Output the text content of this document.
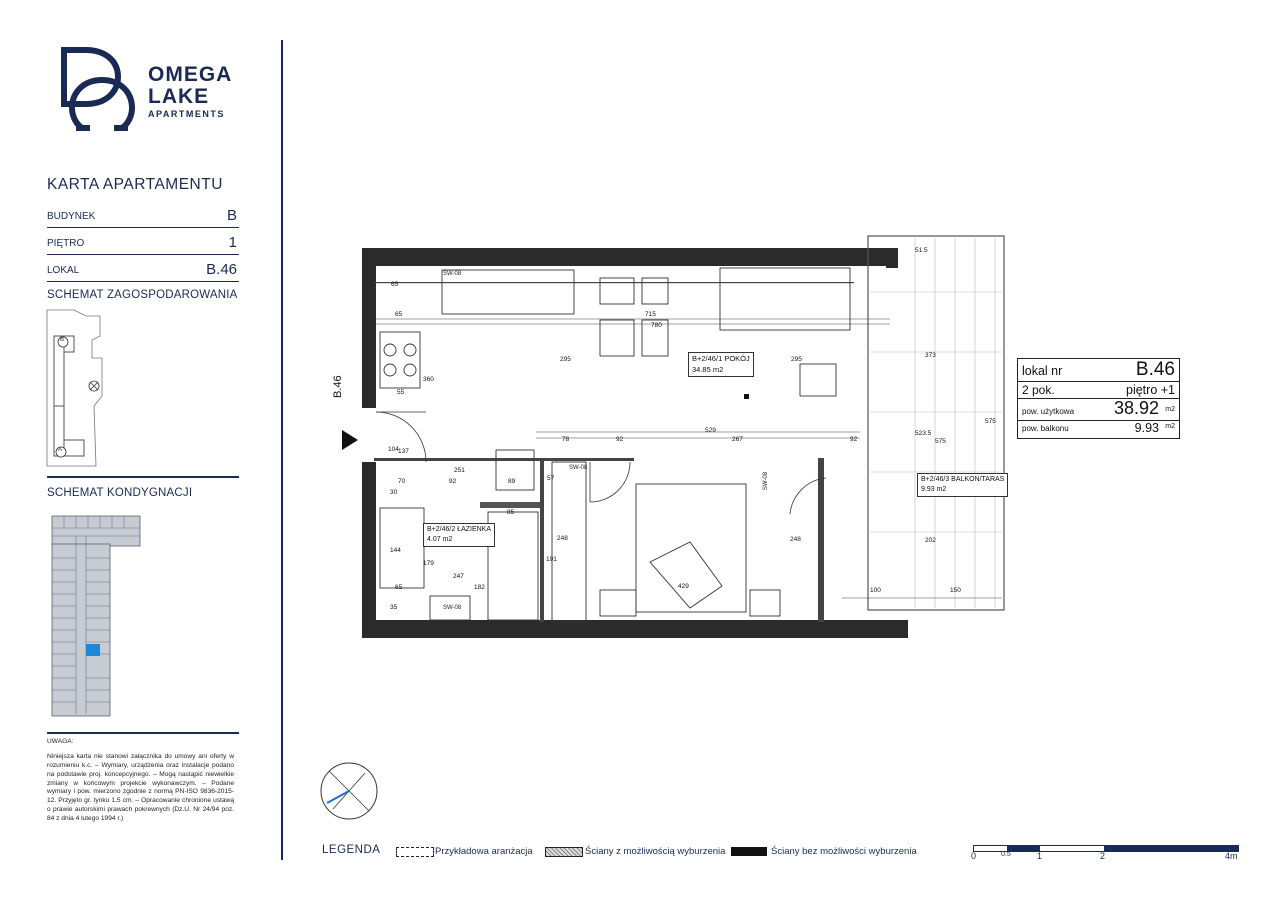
OMEGA
LAKE
APARTMENTS
KARTA APARTAMENTU
BUDYNEK	B
PIĘTRO	1
LOKAL	B.46
SCHEMAT ZAGOSPODAROWANIA
B
A
SCHEMAT KONDYGNACJI
UWAGA:
Niniejsza karta nie stanowi załącznika do umowy ani oferty w rozumieniu k.c. – Wymiary, urządzenia oraz instalacje podano na podstawie proj. koncepcyjnego. – Mogą nastąpić niewielkie zmiany w końcowym projekcie wykonawczym. – Podane wymiary i pow. mierzono zgodnie z normą PN-ISO 9836-2015-12. Przyjęto gr. tynku 1,5 cm. – Opracowanie chronione ustawą o prawie autorskimi prawach pokrewnych (Dz.U. Nr 24/94 poz. 84 z dnia 4 lutego 1994 r.)
B+2/46/1 POKÓJ
34.85 m2
B+2/46/2 ŁAZIENKA
4.07 m2
B+2/46/3 BALKON/TARAS
9.93 m2
B.46
SW-08
SW-08
SW-08
SW-08
715
780
529
267
92
78	92
251
92	89	57
85
248
191
179
247
182	429
248
100	150
202
575
523.5
575
373
51.5
65
65
360
295	295
104 137
70
144
65
35
55
30
lokal nr	B.46
2 pok.	piętro +1
pow. użytkowa 38.92 m2
pow. balkonu	9.93 m2
LEGENDA	Przykładowa aranżacja	Ściany z możliwością wyburzenia	Ściany bez możliwości wyburzenia	0	0.5	1	2	4m
